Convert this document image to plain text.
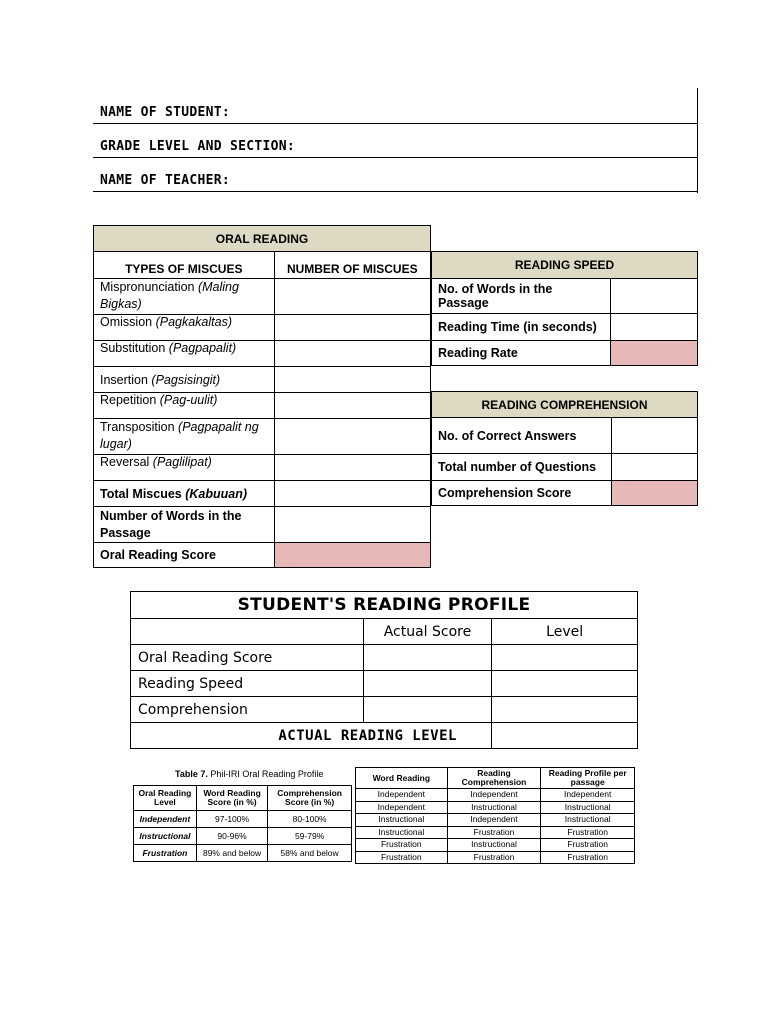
NAME OF STUDENT:
GRADE LEVEL AND SECTION:
NAME OF TEACHER:
ORAL READING	
TYPES OF MISCUES	NUMBER OF MISCUES
Mispronunciation (Maling Bigkas)	
Omission (Pagkakaltas)	
Substitution (Pagpapalit)	
Insertion (Pagsisingit)	
Repetition (Pag-uulit)	
Transposition (Pagpapalit ng lugar)	
Reversal (Paglilipat)	
Total Miscues (Kabuuan)	
Number of Words in the Passage	
Oral Reading Score	
READING SPEED	
No. of Words in the Passage	
Reading Time (in seconds)	
Reading Rate	
READING COMPREHENSION	
No. of Correct Answers	
Total number of Questions	
Comprehension Score	
STUDENT'S READING PROFILE		
	Actual Score	Level
Oral Reading Score		
Reading Speed		
Comprehension		
ACTUAL READING LEVEL		
Table 7. Phil-IRI Oral Reading Profile
Oral Reading Level	Word Reading Score (in %)	Comprehension Score (in %)
Independent	97-100%	80-100%
Instructional	90-96%	59-79%
Frustration	89% and below	58% and below
Word Reading	Reading Comprehension	Reading Profile per passage
Independent	Independent	Independent
Independent	Instructional	Instructional
Instructional	Independent	Instructional
Instructional	Frustration	Frustration
Frustration	Instructional	Frustration
Frustration	Frustration	Frustration
